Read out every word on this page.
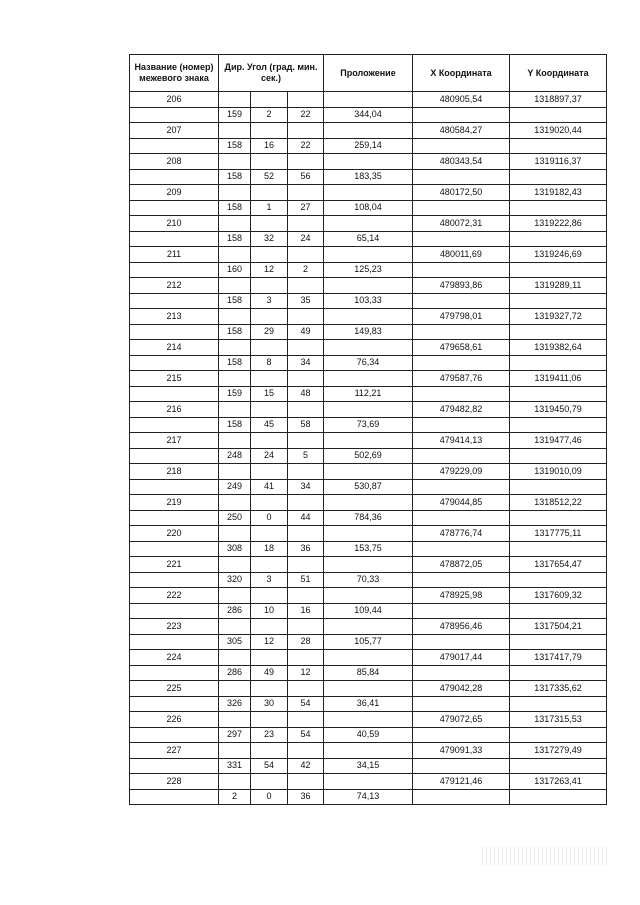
Название (номер) межевого знака	Дир. Угол (град. мин. сек.)			Проложение	X Координата	Y Координата
206					480905,54	1318897,37
	159	2	22	344,04		
207					480584,27	1319020,44
	158	16	22	259,14		
208					480343,54	1319116,37
	158	52	56	183,35		
209					480172,50	1319182,43
	158	1	27	108,04		
210					480072,31	1319222,86
	158	32	24	65,14		
211					480011,69	1319246,69
	160	12	2	125,23		
212					479893,86	1319289,11
	158	3	35	103,33		
213					479798,01	1319327,72
	158	29	49	149,83		
214					479658,61	1319382,64
	158	8	34	76,34		
215					479587,76	1319411,06
	159	15	48	112,21		
216					479482,82	1319450,79
	158	45	58	73,69		
217					479414,13	1319477,46
	248	24	5	502,69		
218					479229,09	1319010,09
	249	41	34	530,87		
219					479044,85	1318512,22
	250	0	44	784,36		
220					478776,74	1317775,11
	308	18	36	153,75		
221					478872,05	1317654,47
	320	3	51	70,33		
222					478925,98	1317609,32
	286	10	16	109,44		
223					478956,46	1317504,21
	305	12	28	105,77		
224					479017,44	1317417,79
	286	49	12	85,84		
225					479042,28	1317335,62
	326	30	54	36,41		
226					479072,65	1317315,53
	297	23	54	40,59		
227					479091,33	1317279,49
	331	54	42	34,15		
228					479121,46	1317263,41
	2	0	36	74,13		
